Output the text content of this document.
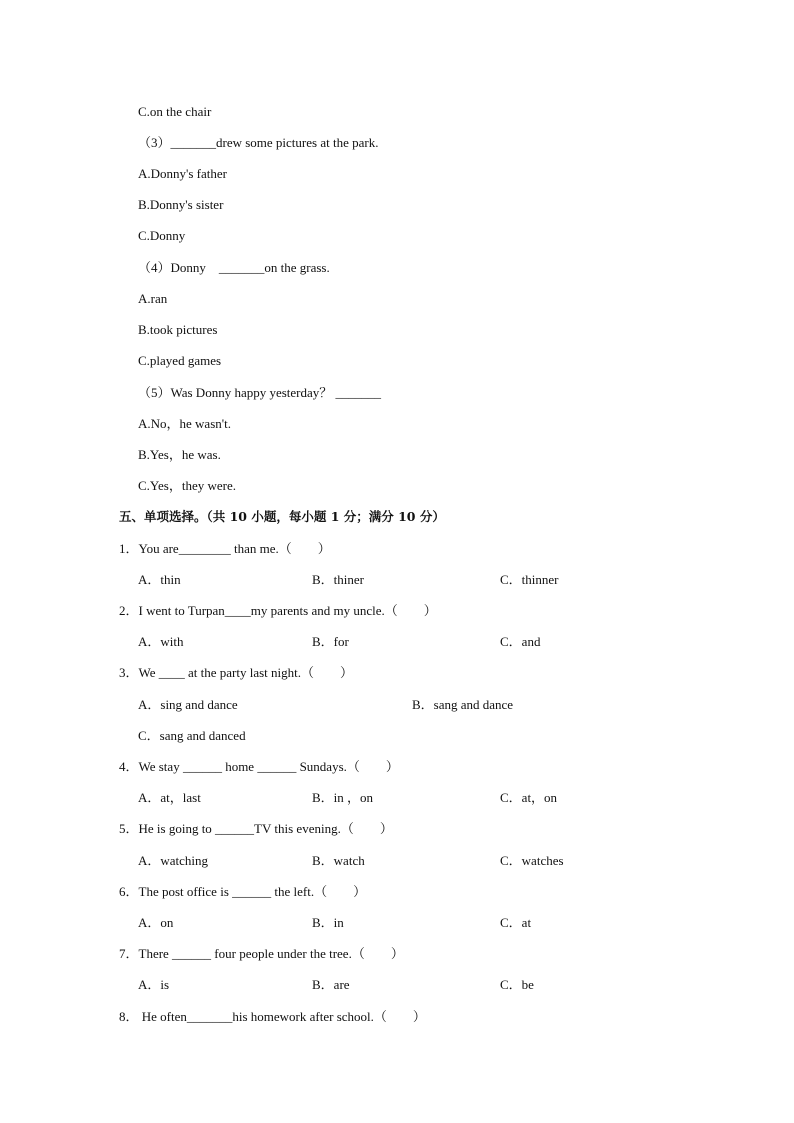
C.on the chair
（3）_______drew some pictures at the park.
A.Donny's father
B.Donny's sister
C.Donny
（4）Donny　_______on the grass.
A.ran
B.took pictures
C.played games
（5）Was Donny happy yesterday？ _______
A.No，he wasn't.
B.Yes，he was.
C.Yes，they were.
五、单项选择。（共 10 小题，每小题 1 分；满分 10 分）
1．You are________ than me.（　　）
A．thin	B．thiner	C．thinner
2．I went to Turpan____my parents and my uncle.（　　）
A．with	B．for	C．and
3．We ____ at the party last night.（　　）
A．sing and dance	B．sang and dance
C．sang and danced
4．We stay ______ home ______ Sundays.（　　）
A．at，last	B．in ，on	C．at，on
5．He is going to ______TV this evening.（　　）
A．watching	B．watch	C．watches
6．The post office is ______ the left.（　　）
A．on	B．in	C．at
7．There ______ four people under the tree.（　　）
A．is	B．are	C．be
8． He often_______his homework after school.（　　）
